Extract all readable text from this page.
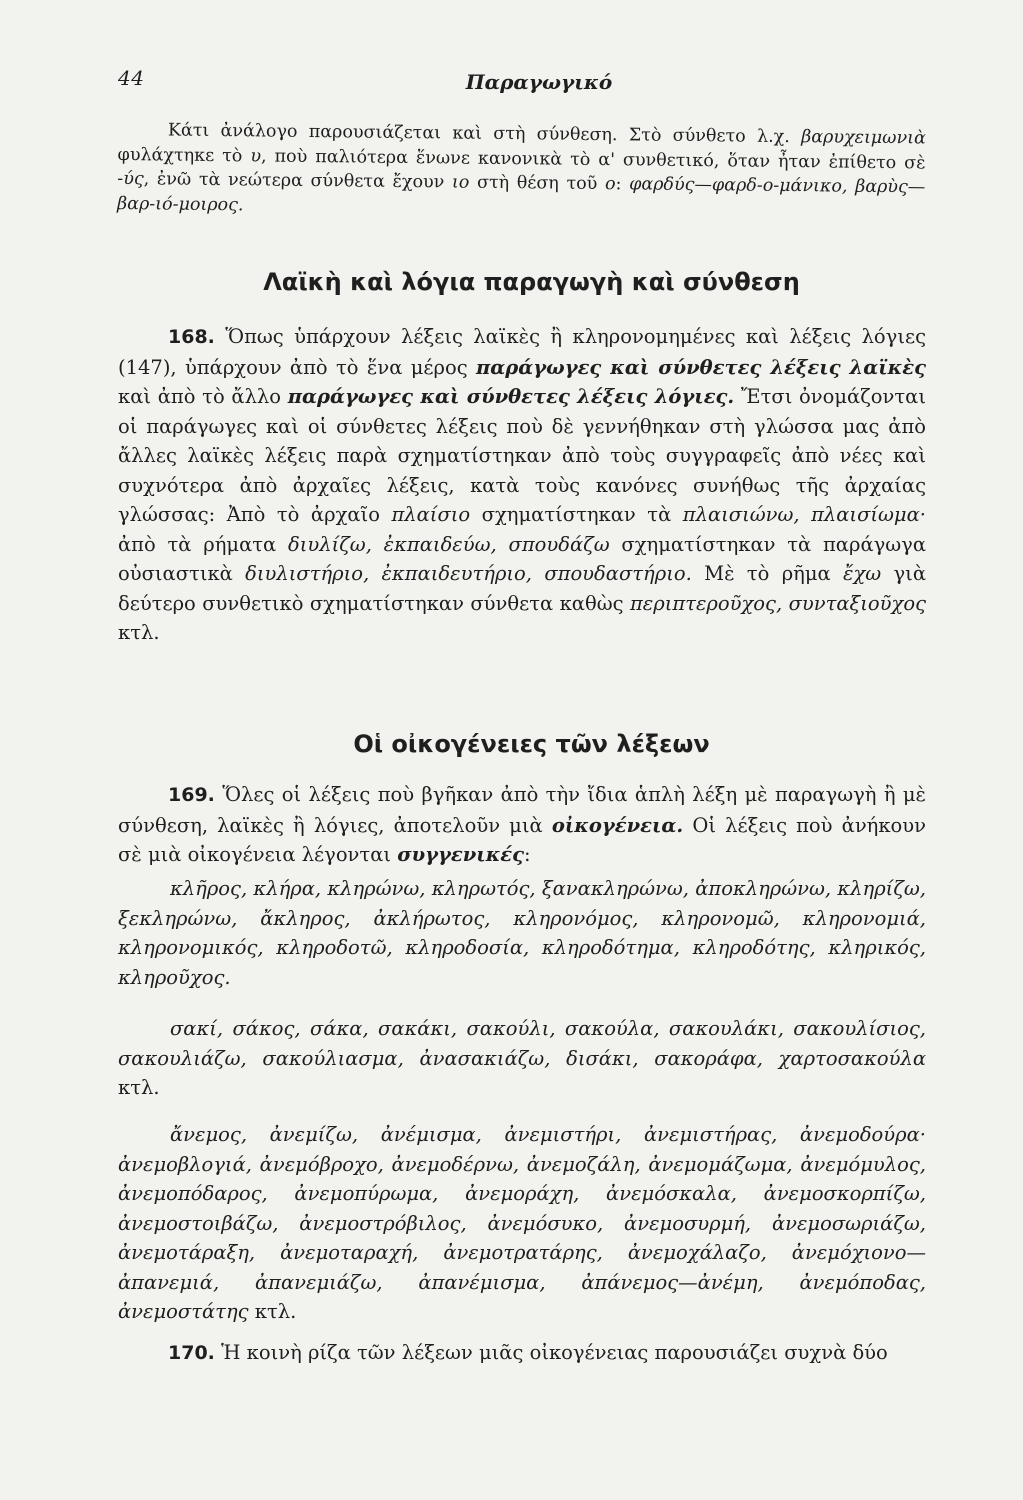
44	Παραγωγικό

Κάτι ἀνάλογο παρουσιάζεται καὶ στὴ σύνθεση. Στὸ σύνθετο λ.χ. βαρυχειμωνιὰ φυλάχτηκε τὸ υ, ποὺ παλιότερα ἕνωνε κανονικὰ τὸ α' συνθετικό, ὅταν ἦταν ἐπίθετο σὲ -ύς, ἐνῶ τὰ νεώτερα σύνθετα ἔχουν ιο στὴ θέση τοῦ ο: φαρδύς—φαρδ-ο-μάνικο, βαρὺς—βαρ-ιό-μοιρος.

Λαϊκὴ καὶ λόγια παραγωγὴ καὶ σύνθεση

168. Ὅπως ὑπάρχουν λέξεις λαϊκὲς ἢ κληρονομημένες καὶ λέξεις λόγιες (147), ὑπάρχουν ἀπὸ τὸ ἕνα μέρος παράγωγες καὶ σύνθετες λέξεις λαϊκὲς καὶ ἀπὸ τὸ ἄλλο παράγωγες καὶ σύνθετες λέξεις λόγιες. Ἔτσι ὀνομάζονται οἱ παράγωγες καὶ οἱ σύνθετες λέξεις ποὺ δὲ γεννήθηκαν στὴ γλώσσα μας ἀπὸ ἄλλες λαϊκὲς λέξεις παρὰ σχηματίστηκαν ἀπὸ τοὺς συγγραφεῖς ἀπὸ νέες καὶ συχνότερα ἀπὸ ἀρχαῖες λέξεις, κατὰ τοὺς κανόνες συνήθως τῆς ἀρχαίας γλώσσας: Ἀπὸ τὸ ἀρχαῖο πλαίσιο σχηματίστηκαν τὰ πλαισιώνω, πλαισίωμα· ἀπὸ τὰ ρήματα διυλίζω, ἐκπαιδεύω, σπουδάζω σχηματίστηκαν τὰ παράγωγα οὐσιαστικὰ διυλιστήριο, ἐκπαιδευτήριο, σπουδαστήριο. Μὲ τὸ ρῆμα ἔχω γιὰ δεύτερο συνθετικὸ σχηματίστηκαν σύνθετα καθὼς περιπτεροῦχος, συνταξιοῦχος κτλ.

Οἱ οἰκογένειες τῶν λέξεων

169. Ὅλες οἱ λέξεις ποὺ βγῆκαν ἀπὸ τὴν ἴδια ἁπλὴ λέξη μὲ παραγωγὴ ἢ μὲ σύνθεση, λαϊκὲς ἢ λόγιες, ἀποτελοῦν μιὰ οἰκογένεια. Οἱ λέξεις ποὺ ἀνήκουν σὲ μιὰ οἰκογένεια λέγονται συγγενικές:

κλῆρος, κλήρα, κληρώνω, κληρωτός, ξανακληρώνω, ἀποκληρώνω, κληρίζω, ξεκληρώνω, ἄκληρος, ἀκλήρωτος, κληρονόμος, κληρονομῶ, κληρονομιά, κληρονομικός, κληροδοτῶ, κληροδοσία, κληροδότημα, κληροδότης, κληρικός, κληροῦχος.

σακί, σάκος, σάκα, σακάκι, σακούλι, σακούλα, σακουλάκι, σακουλίσιος, σακουλιάζω, σακούλιασμα, ἀνασακιάζω, δισάκι, σακοράφα, χαρτοσακούλα κτλ.

ἄνεμος, ἀνεμίζω, ἀνέμισμα, ἀνεμιστήρι, ἀνεμιστήρας, ἀνεμοδούρα· ἀνεμοβλογιά, ἀνεμόβροχο, ἀνεμοδέρνω, ἀνεμοζάλη, ἀνεμομάζωμα, ἀνεμόμυλος, ἀνεμοπόδαρος, ἀνεμοπύρωμα, ἀνεμοράχη, ἀνεμόσκαλα, ἀνεμοσκορπίζω, ἀνεμοστοιβάζω, ἀνεμοστρόβιλος, ἀνεμόσυκο, ἀνεμοσυρμή, ἀνεμοσωριάζω, ἀνεμοτάραξη, ἀνεμοταραχή, ἀνεμοτρατάρης, ἀνεμοχάλαζο, ἀνεμόχιονο—ἀπανεμιά, ἀπανεμιάζω, ἀπανέμισμα, ἀπάνεμος—ἀνέμη, ἀνεμόποδας, ἀνεμοστάτης κτλ.

170. Ἡ κοινὴ ρίζα τῶν λέξεων μιᾶς οἰκογένειας παρουσιάζει συχνὰ δύο
